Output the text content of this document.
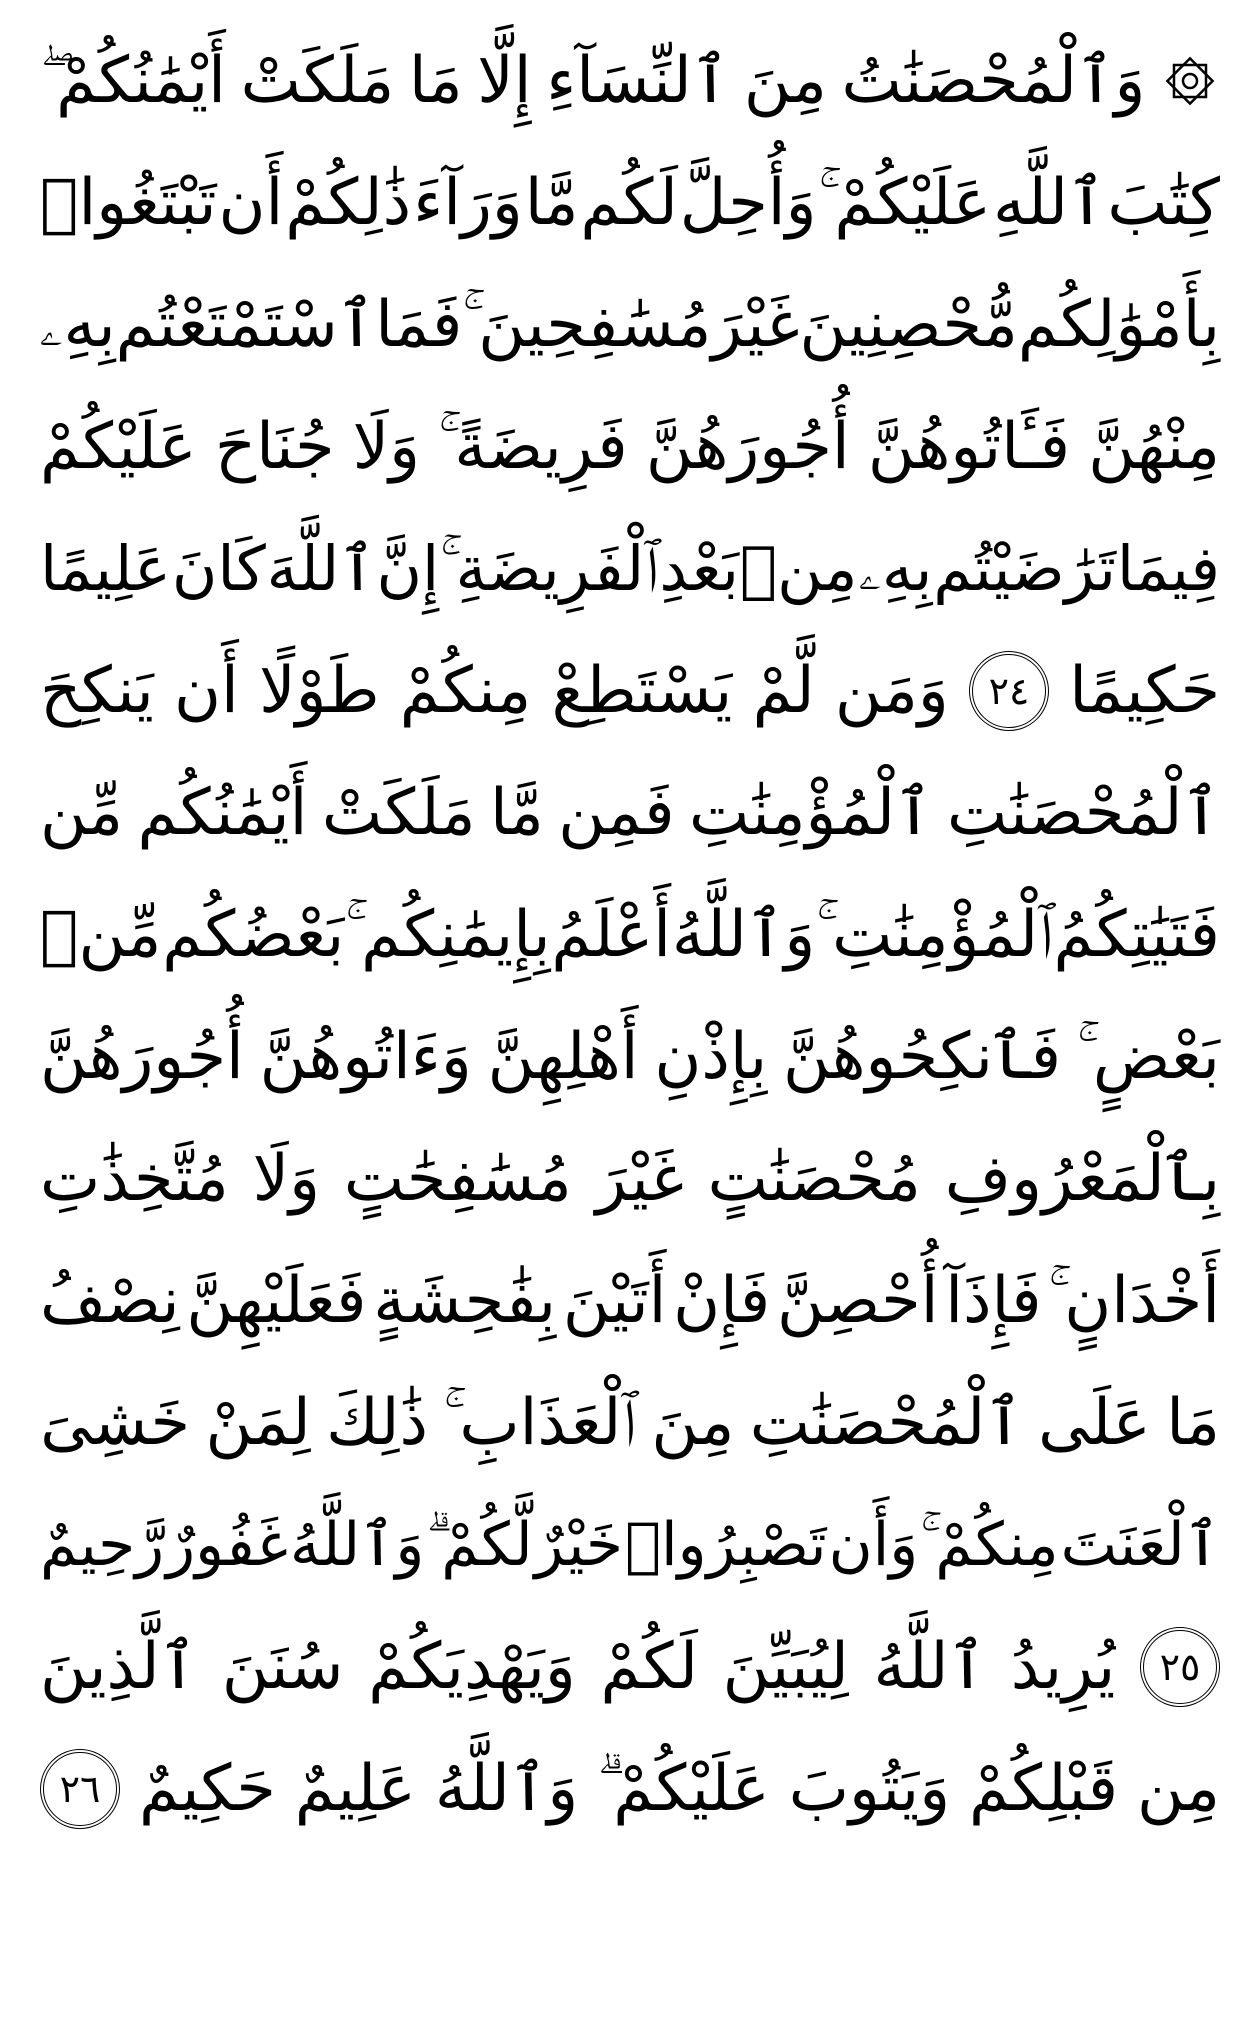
وَٱلْمُحْصَنَٰتُ
مِنَ
ٱلنِّسَآءِ
إِلَّا
مَا
مَلَكَتْ
أَيْمَٰنُكُمْ ۖ
كِتَٰبَ
ٱللَّهِ
عَلَيْكُمْ ۚ
وَأُحِلَّ
لَكُم
مَّا
وَرَآءَ
ذَٰلِكُمْ
أَن
تَبْتَغُوا۟
بِأَمْوَٰلِكُم
مُّحْصِنِينَ
غَيْرَ
مُسَٰفِحِينَ ۚ
فَمَا
ٱسْتَمْتَعْتُم
بِهِۦ
مِنْهُنَّ
فَـَٔاتُوهُنَّ
أُجُورَهُنَّ
فَرِيضَةً ۚ
وَلَا
جُنَاحَ
عَلَيْكُمْ
فِيمَا
تَرَٰضَيْتُم
بِهِۦ
مِنۢ
بَعْدِ
ٱلْفَرِيضَةِ ۚ
إِنَّ
ٱللَّهَ
كَانَ
عَلِيمًا
حَكِيمًا
٢٤
وَمَن
لَّمْ
يَسْتَطِعْ
مِنكُمْ
طَوْلًا
أَن
يَنكِحَ
ٱلْمُحْصَنَٰتِ
ٱلْمُؤْمِنَٰتِ
فَمِن
مَّا
مَلَكَتْ
أَيْمَٰنُكُم
مِّن
فَتَيَٰتِكُمُ
ٱلْمُؤْمِنَٰتِ ۚ
وَٱللَّهُ
أَعْلَمُ
بِإِيمَٰنِكُم ۚ
بَعْضُكُم
مِّنۢ
بَعْضٍ ۚ
فَٱنكِحُوهُنَّ
بِإِذْنِ
أَهْلِهِنَّ
وَءَاتُوهُنَّ
أُجُورَهُنَّ
بِٱلْمَعْرُوفِ
مُحْصَنَٰتٍ
غَيْرَ
مُسَٰفِحَٰتٍ
وَلَا
مُتَّخِذَٰتِ
أَخْدَانٍ ۚ
فَإِذَآ
أُحْصِنَّ
فَإِنْ
أَتَيْنَ
بِفَٰحِشَةٍ
فَعَلَيْهِنَّ
نِصْفُ
مَا
عَلَى
ٱلْمُحْصَنَٰتِ
مِنَ
ٱلْعَذَابِ ۚ
ذَٰلِكَ
لِمَنْ
خَشِىَ
ٱلْعَنَتَ
مِنكُمْ ۚ
وَأَن
تَصْبِرُوا۟
خَيْرٌ
لَّكُمْ ۗ
وَٱللَّهُ
غَفُورٌ
رَّحِيمٌ
٢٥
يُرِيدُ
ٱللَّهُ
لِيُبَيِّنَ
لَكُمْ
وَيَهْدِيَكُمْ
سُنَنَ
ٱلَّذِينَ
مِن
قَبْلِكُمْ
وَيَتُوبَ
عَلَيْكُمْ ۗ
وَٱللَّهُ
عَلِيمٌ
حَكِيمٌ
٢٦
